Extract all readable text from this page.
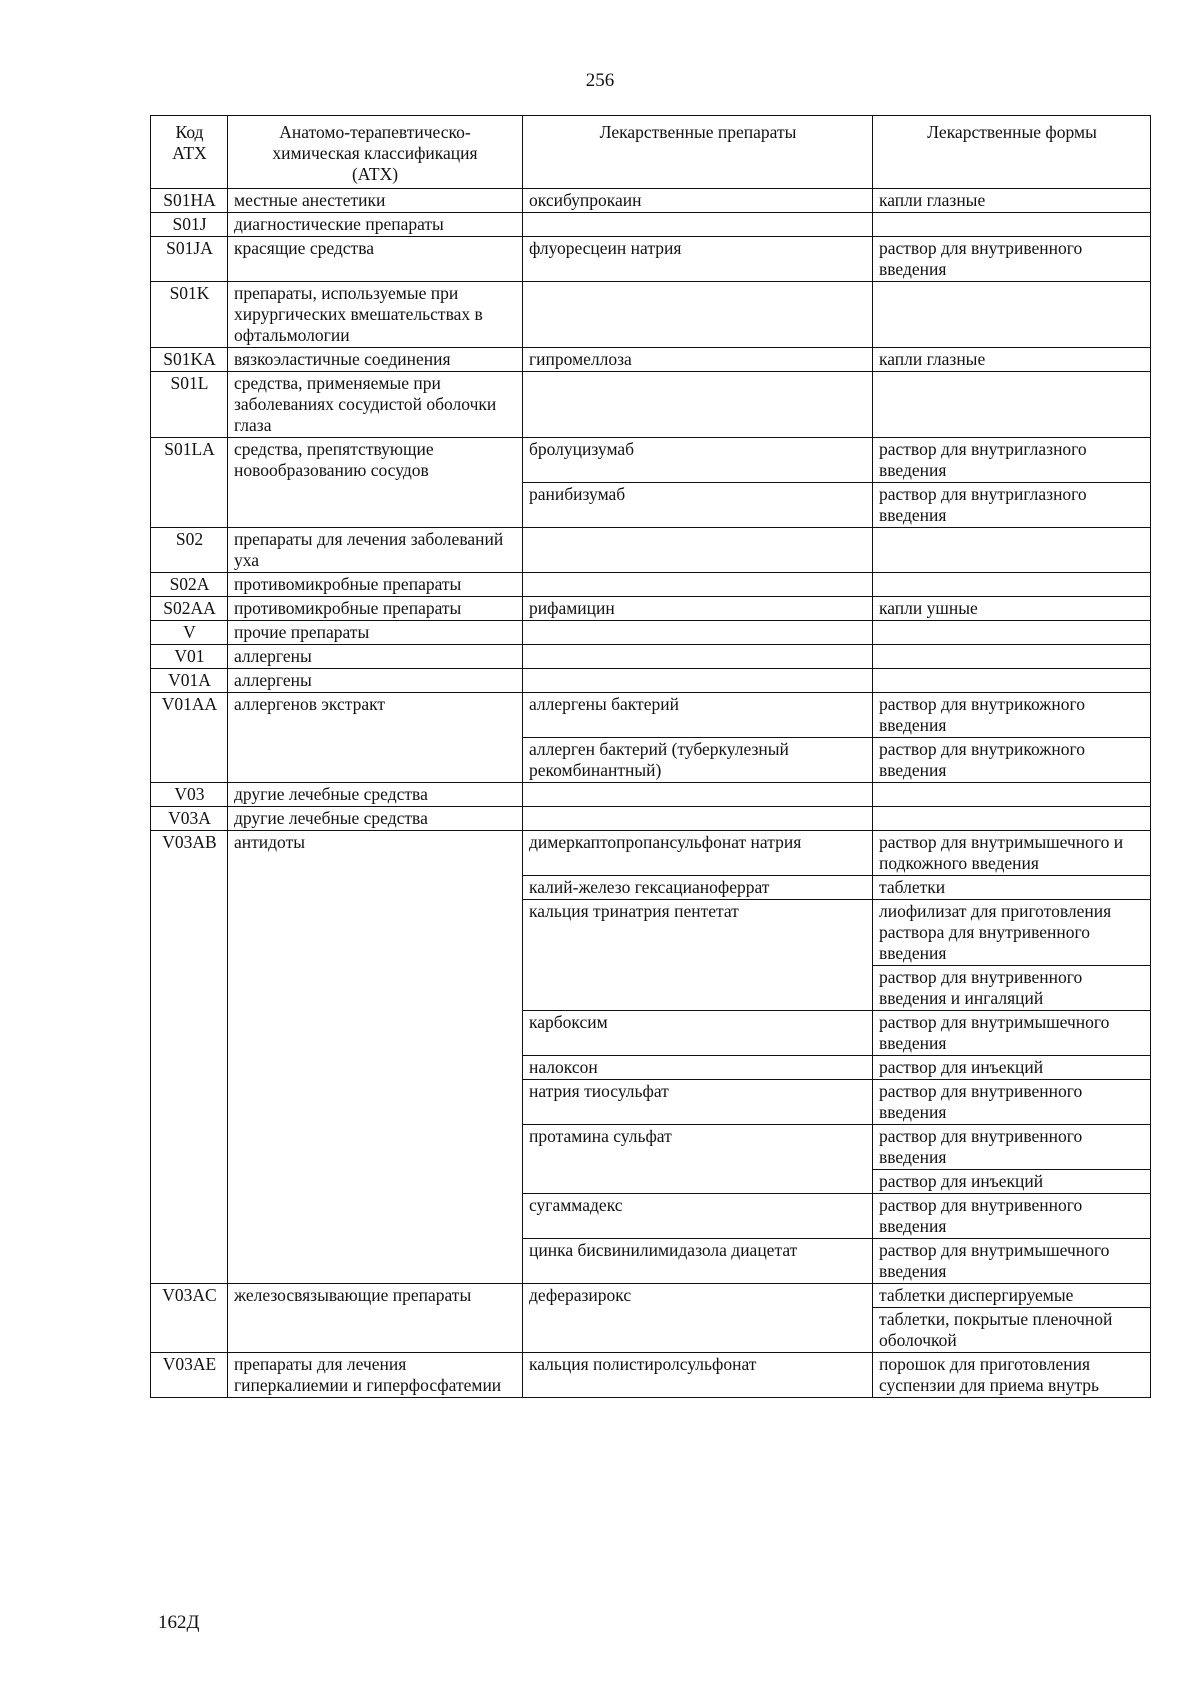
256
Код АТХ	Анатомо-терапевтическо-химическая классификация (АТХ)	Лекарственные препараты	Лекарственные формы
S01HA	местные анестетики	оксибупрокаин	капли глазные
S01J	диагностические препараты		
S01JA	красящие средства	флуоресцеин натрия	раствор для внутривенного введения
S01K	препараты, используемые при хирургических вмешательствах в офтальмологии		
S01KA	вязкоэластичные соединения	гипромеллоза	капли глазные
S01L	средства, применяемые при заболеваниях сосудистой оболочки глаза		
S01LA	средства, препятствующие новообразованию сосудов	бролуцизумаб	раствор для внутриглазного введения
		ранибизумаб	раствор для внутриглазного введения
S02	препараты для лечения заболеваний уха		
S02A	противомикробные препараты		
S02AA	противомикробные препараты	рифамицин	капли ушные
V	прочие препараты		
V01	аллергены		
V01A	аллергены		
V01AA	аллергенов экстракт	аллергены бактерий	раствор для внутрикожного введения
		аллерген бактерий (туберкулезный рекомбинантный)	раствор для внутрикожного введения
V03	другие лечебные средства		
V03A	другие лечебные средства		
V03AB	антидоты	димеркаптопропансульфонат натрия	раствор для внутримышечного и подкожного введения
		калий-железо гексацианоферрат	таблетки
		кальция тринатрия пентетат	лиофилизат для приготовления раствора для внутривенного введения
			раствор для внутривенного введения и ингаляций
		карбоксим	раствор для внутримышечного введения
		налоксон	раствор для инъекций
		натрия тиосульфат	раствор для внутривенного введения
		протамина сульфат	раствор для внутривенного введения
			раствор для инъекций
		сугаммадекс	раствор для внутривенного введения
		цинка бисвинилимидазола диацетат	раствор для внутримышечного введения
V03AC	железосвязывающие препараты	деферазирокс	таблетки диспергируемые
			таблетки, покрытые пленочной оболочкой
V03AE	препараты для лечения гиперкалиемии и гиперфосфатемии	кальция полистиролсульфонат	порошок для приготовления суспензии для приема внутрь
162Д
